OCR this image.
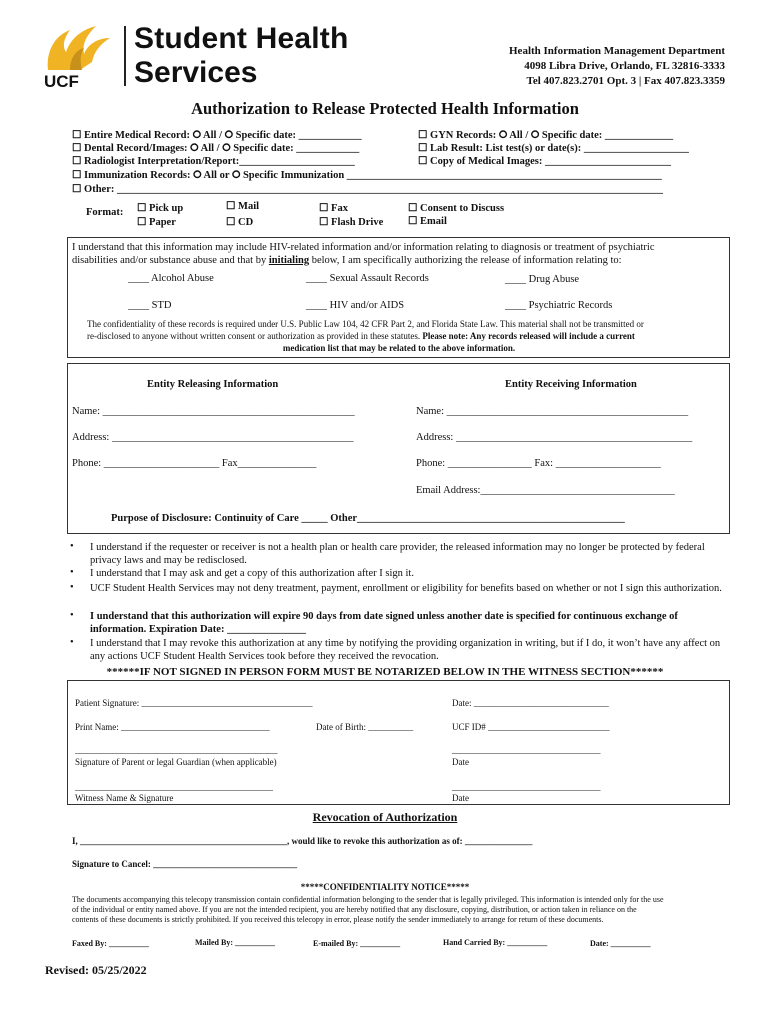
UCF
Student Health
Services
Health Information Management Department
4098 Libra Drive, Orlando, FL 32816-3333
Tel 407.823.2701 Opt. 3 | Fax 407.823.3359
Authorization to Release Protected Health Information
☐ Entire Medical Record: ⭘ All / ⭘ Specific date: ____________
☐ Dental Record/Images: ⭘ All / ⭘ Specific date: ____________
☐ Radiologist Interpretation/Report:______________________
☐ Immunization Records: ⭘ All or ⭘ Specific Immunization ____________________________________________________________
☐ Other: ________________________________________________________________________________________________________
☐ GYN Records: ⭘ All / ⭘ Specific date: _____________
☐ Lab Result: List test(s) or date(s): ____________________
☐ Copy of Medical Images: ________________________
Format: ☐ Pick up
☐ Paper
☐ Mail
☐ CD
☐ Fax
☐ Flash Drive
☐ Consent to Discuss
☐ Email
I understand that this information may include HIV-related information and/or information relating to diagnosis or treatment of psychiatric
disabilities and/or substance abuse and that by initialing below, I am specifically authorizing the release of information relating to:
____ Alcohol Abuse	____ Sexual Assault Records	____ Drug Abuse
____ STD	____ HIV and/or AIDS	____ Psychiatric Records
The confidentiality of these records is required under U.S. Public Law 104, 42 CFR Part 2, and Florida State Law. This material shall not be transmitted or
re-disclosed to anyone without written consent or authorization as provided in these statutes. Please note: Any records released will include a current
medication list that may be related to the above information.
Entity Releasing Information	Entity Receiving Information
Name: ________________________________________________
Address: ______________________________________________
Phone: ______________________ Fax_______________
Name: ______________________________________________
Address: _____________________________________________
Phone: ________________ Fax: ____________________
Email Address:_____________________________________
Purpose of Disclosure: Continuity of Care _____ Other___________________________________________________
• I understand if the requester or receiver is not a health plan or health care provider, the released information may no longer be protected by federal privacy laws and may be redisclosed.
• I understand that I may ask and get a copy of this authorization after I sign it.
• UCF Student Health Services may not deny treatment, payment, enrollment or eligibility for benefits based on whether or not I sign this authorization.
• I understand that this authorization will expire 90 days from date signed unless another date is specified for continuous exchange of information. Expiration Date: _______________
• I understand that I may revoke this authorization at any time by notifying the providing organization in writing, but if I do, it won’t have any affect on any actions UCF Student Health Services took before they received the revocation.
******IF NOT SIGNED IN PERSON FORM MUST BE NOTARIZED BELOW IN THE WITNESS SECTION******
Patient Signature: ______________________________________	Date: ______________________________
Print Name: _________________________________	Date of Birth: __________	UCF ID# ___________________________
_____________________________________________
Signature of Parent or legal Guardian (when applicable)
_________________________________
Date
____________________________________________
Witness Name & Signature
_________________________________
Date
Revocation of Authorization
I, ______________________________________________, would like to revoke this authorization as of: _______________
Signature to Cancel: ________________________________
*****CONFIDENTIALITY NOTICE*****
The documents accompanying this telecopy transmission contain confidential information belonging to the sender that is legally privileged. This information is intended only for the use
of the individual or entity named above. If you are not the intended recipient, you are hereby notified that any disclosure, copying, distribution, or action taken in reliance on the
contents of these documents is strictly prohibited. If you received this telecopy in error, please notify the sender immediately to arrange for return of these documents.
Faxed By: __________	Mailed By: __________	E-mailed By: __________	Hand Carried By: __________	Date: __________
Revised: 05/25/2022
